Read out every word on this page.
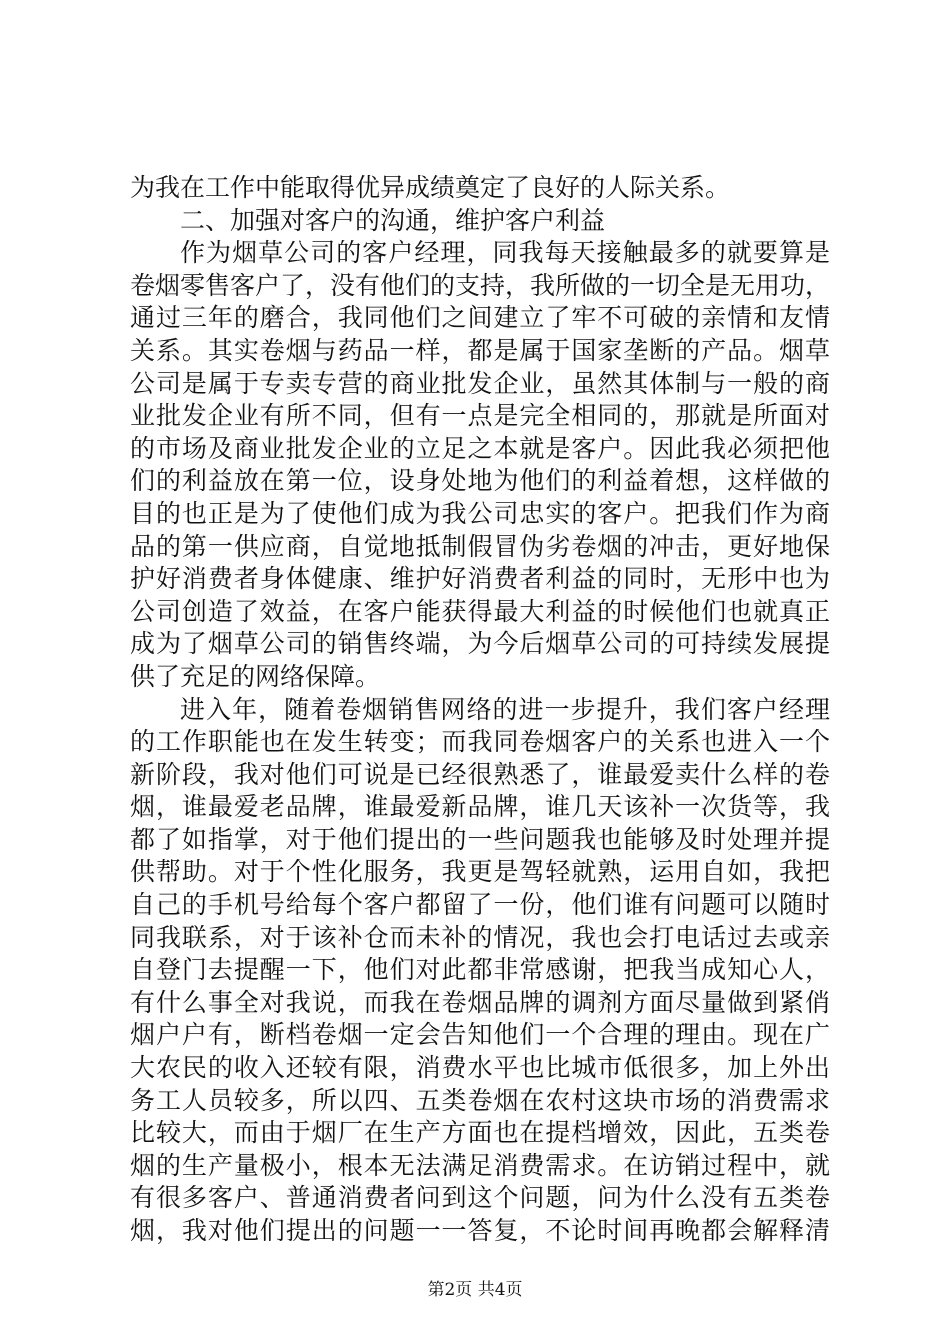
为我在工作中能取得优异成绩奠定了良好的人际关系。
二、加强对客户的沟通，维护客户利益
作为烟草公司的客户经理，同我每天接触最多的就要算是
卷烟零售客户了，没有他们的支持，我所做的一切全是无用功，
通过三年的磨合，我同他们之间建立了牢不可破的亲情和友情
关系。其实卷烟与药品一样，都是属于国家垄断的产品。烟草
公司是属于专卖专营的商业批发企业，虽然其体制与一般的商
业批发企业有所不同，但有一点是完全相同的，那就是所面对
的市场及商业批发企业的立足之本就是客户。因此我必须把他
们的利益放在第一位，设身处地为他们的利益着想，这样做的
目的也正是为了使他们成为我公司忠实的客户。把我们作为商
品的第一供应商，自觉地抵制假冒伪劣卷烟的冲击，更好地保
护好消费者身体健康、维护好消费者利益的同时，无形中也为
公司创造了效益，在客户能获得最大利益的时候他们也就真正
成为了烟草公司的销售终端，为今后烟草公司的可持续发展提
供了充足的网络保障。
进入年，随着卷烟销售网络的进一步提升，我们客户经理
的工作职能也在发生转变；而我同卷烟客户的关系也进入一个
新阶段，我对他们可说是已经很熟悉了，谁最爱卖什么样的卷
烟，谁最爱老品牌，谁最爱新品牌，谁几天该补一次货等，我
都了如指掌，对于他们提出的一些问题我也能够及时处理并提
供帮助。对于个性化服务，我更是驾轻就熟，运用自如，我把
自己的手机号给每个客户都留了一份，他们谁有问题可以随时
同我联系，对于该补仓而未补的情况，我也会打电话过去或亲
自登门去提醒一下，他们对此都非常感谢，把我当成知心人，
有什么事全对我说，而我在卷烟品牌的调剂方面尽量做到紧俏
烟户户有，断档卷烟一定会告知他们一个合理的理由。现在广
大农民的收入还较有限，消费水平也比城市低很多，加上外出
务工人员较多，所以四、五类卷烟在农村这块市场的消费需求
比较大，而由于烟厂在生产方面也在提档增效，因此，五类卷
烟的生产量极小，根本无法满足消费需求。在访销过程中，就
有很多客户、普通消费者问到这个问题，问为什么没有五类卷
烟，我对他们提出的问题一一答复，不论时间再晚都会解释清
第2页 共4页
